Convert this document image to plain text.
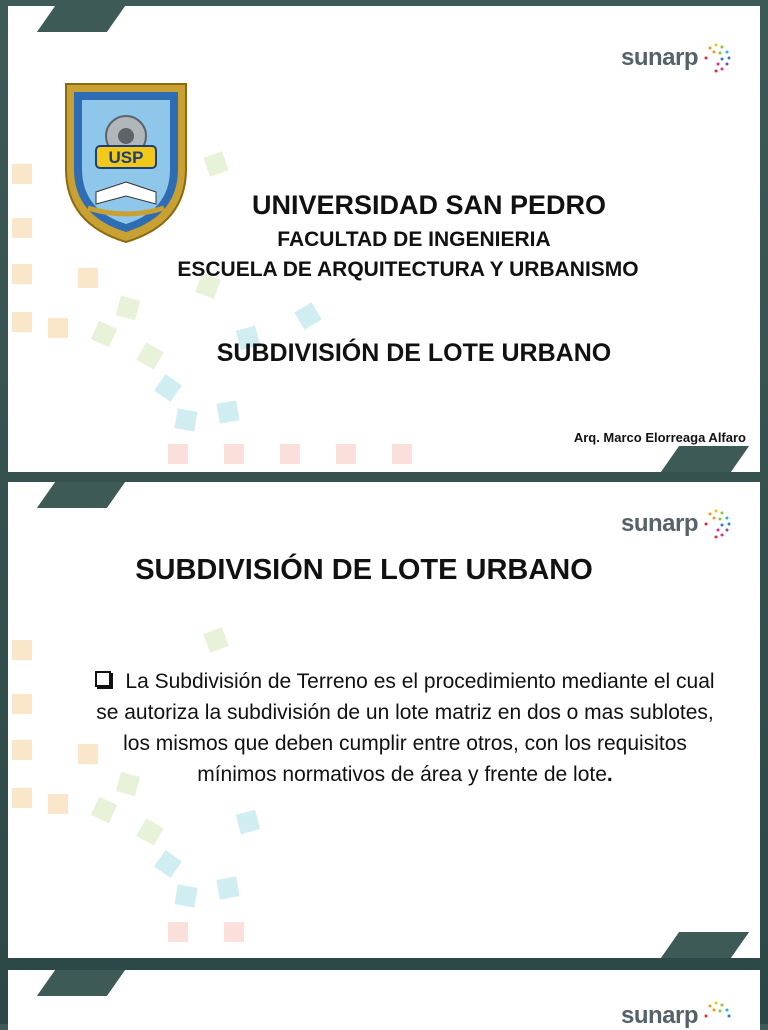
USP
sunarp
UNIVERSIDAD SAN PEDRO
FACULTAD DE INGENIERIA
ESCUELA DE ARQUITECTURA Y URBANISMO
SUBDIVISIÓN DE LOTE URBANO
Arq. Marco Elorreaga Alfaro
sunarp
SUBDIVISIÓN DE LOTE URBANO
La Subdivisión de Terreno es el procedimiento mediante el cual se autoriza la subdivisión de un lote matriz en dos o mas sublotes, los mismos que deben cumplir entre otros, con los requisitos mínimos normativos de área y frente de lote.
sunarp
